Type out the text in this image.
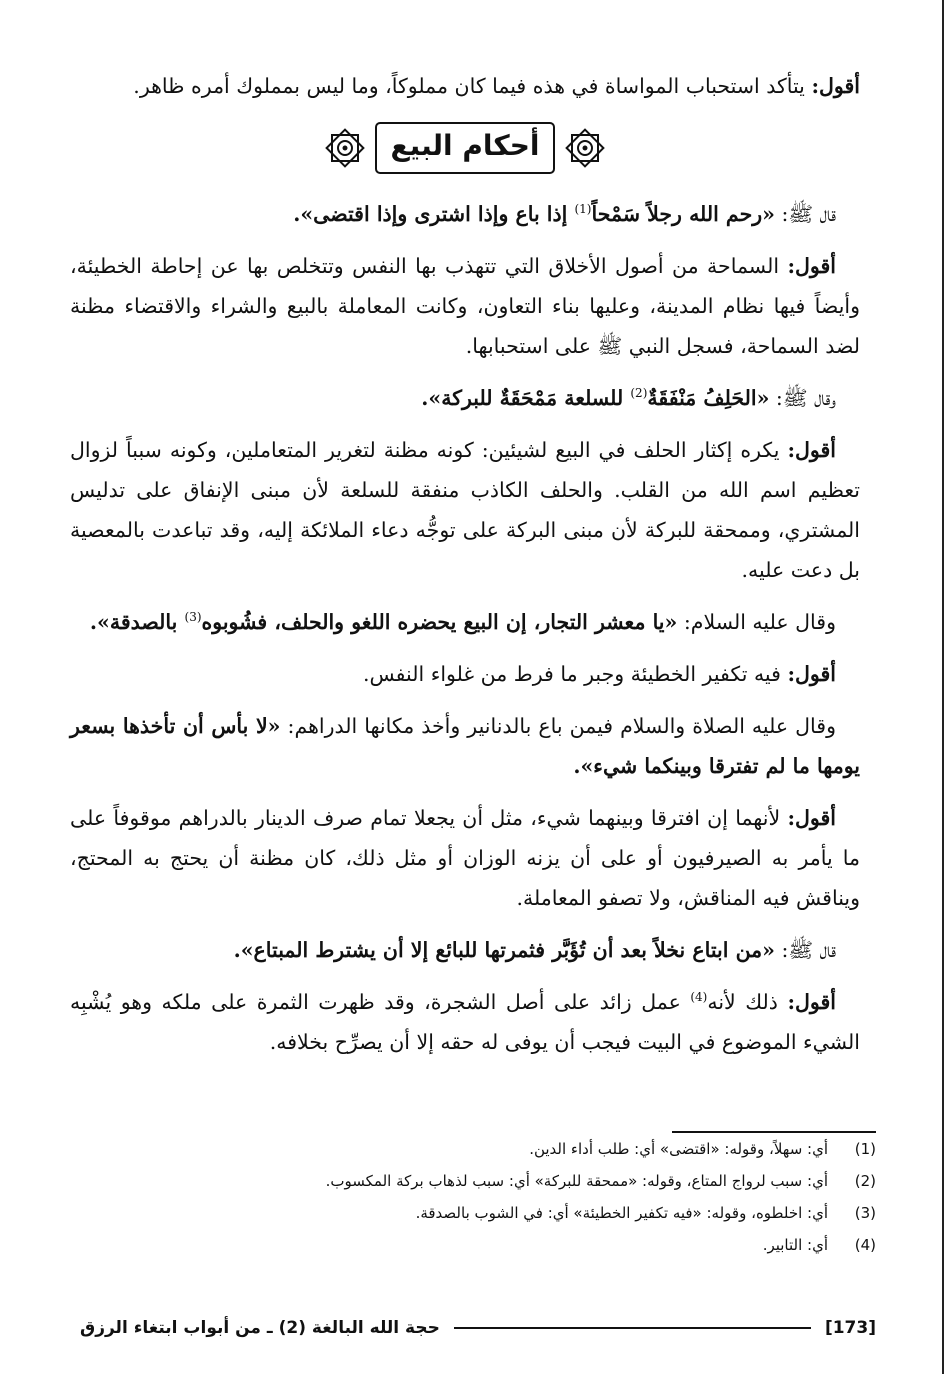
أقول: يتأكد استحباب المواساة في هذه فيما كان مملوكاً، وما ليس بمملوك أمره ظاهر.

أحكام البيع

قال ﷺ: «رحم الله رجلاً سَمْحاً$^{(1)}$ إذا باع وإذا اشترى وإذا اقتضى».

أقول: السماحة من أصول الأخلاق التي تتهذب بها النفس وتتخلص بها عن إحاطة الخطيئة، وأيضاً فيها نظام المدينة، وعليها بناء التعاون، وكانت المعاملة بالبيع والشراء والاقتضاء مظنة لضد السماحة، فسجل النبي ﷺ على استحبابها.

وقال ﷺ: «الحَلِفُ مَنْفَقَةٌ$^{(2)}$ للسلعة مَمْحَقَةٌ للبركة».

أقول: يكره إكثار الحلف في البيع لشيئين: كونه مظنة لتغرير المتعاملين، وكونه سبباً لزوال تعظيم اسم الله من القلب. والحلف الكاذب منفقة للسلعة لأن مبنى الإنفاق على تدليس المشتري، وممحقة للبركة لأن مبنى البركة على توجُّه دعاء الملائكة إليه، وقد تباعدت بالمعصية بل دعت عليه.

وقال عليه السلام: «يا معشر التجار، إن البيع يحضره اللغو والحلف، فشُوبوه$^{(3)}$ بالصدقة».

أقول: فيه تكفير الخطيئة وجبر ما فرط من غلواء النفس.

وقال عليه الصلاة والسلام فيمن باع بالدنانير وأخذ مكانها الدراهم: «لا بأس أن تأخذها بسعر يومها ما لم تفترقا وبينكما شيء».

أقول: لأنهما إن افترقا وبينهما شيء، مثل أن يجعلا تمام صرف الدينار بالدراهم موقوفاً على ما يأمر به الصيرفيون أو على أن يزنه الوزان أو مثل ذلك، كان مظنة أن يحتج به المحتج، ويناقش فيه المناقش، ولا تصفو المعاملة.

قال ﷺ: «من ابتاع نخلاً بعد أن تُؤَبَّر فثمرتها للبائع إلا أن يشترط المبتاع».

أقول: ذلك لأنه$^{(4)}$ عمل زائد على أصل الشجرة، وقد ظهرت الثمرة على ملكه وهو يُشْبِه الشيء الموضوع في البيت فيجب أن يوفى له حقه إلا أن يصرِّح بخلافه.

(1)
أي: سهلاً، وقوله: «اقتضى» أي: طلب أداء الدين.
(2)
أي: سبب لرواج المتاع، وقوله: «ممحقة للبركة» أي: سبب لذهاب بركة المكسوب.
(3)
أي: اخلطوه، وقوله: «فيه تكفير الخطيئة» أي: في الشوب بالصدقة.
(4)
أي: التابير.
[173]
حجة الله البالغة (2) ـ من أبواب ابتغاء الرزق
